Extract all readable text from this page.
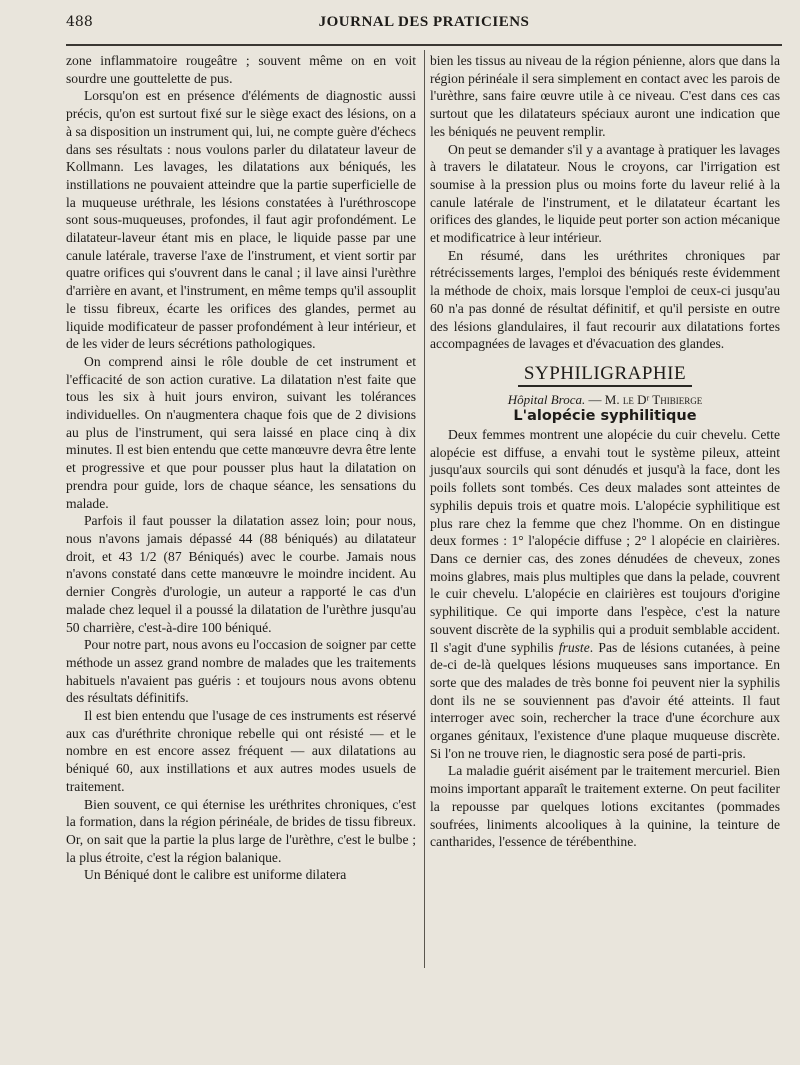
488	JOURNAL DES PRATICIENS

zone inflammatoire rougeâtre ; souvent même on en voit sourdre une gouttelette de pus.

Lorsqu'on est en présence d'éléments de diagnostic aussi précis, qu'on est surtout fixé sur le siège exact des lésions, on a à sa disposition un instrument qui, lui, ne compte guère d'échecs dans ses résultats : nous voulons parler du dilatateur laveur de Kollmann. Les lavages, les dilatations aux béniqués, les instillations ne pouvaient atteindre que la partie superficielle de la muqueuse uréthrale, les lésions constatées à l'uréthroscope sont sous-muqueuses, profondes, il faut agir profondément. Le dilatateur-laveur étant mis en place, le liquide passe par une canule latérale, traverse l'axe de l'instrument, et vient sortir par quatre orifices qui s'ouvrent dans le canal ; il lave ainsi l'urèthre d'arrière en avant, et l'instrument, en même temps qu'il assouplit le tissu fibreux, écarte les orifices des glandes, permet au liquide modificateur de passer profondément à leur intérieur, et de les vider de leurs sécrétions pathologiques.

On comprend ainsi le rôle double de cet instrument et l'efficacité de son action curative. La dilatation n'est faite que tous les six à huit jours environ, suivant les tolérances individuelles. On n'augmentera chaque fois que de 2 divisions au plus de l'instrument, qui sera laissé en place cinq à dix minutes. Il est bien entendu que cette manœuvre devra être lente et progressive et que pour pousser plus haut la dilatation on prendra pour guide, lors de chaque séance, les sensations du malade.

Parfois il faut pousser la dilatation assez loin; pour nous, nous n'avons jamais dépassé 44 (88 béniqués) au dilatateur droit, et 43 1/2 (87 Béniqués) avec le courbe. Jamais nous n'avons constaté dans cette manœuvre le moindre incident. Au dernier Congrès d'urologie, un auteur a rapporté le cas d'un malade chez lequel il a poussé la dilatation de l'urèthre jusqu'au 50 charrière, c'est-à-dire 100 béniqué.

Pour notre part, nous avons eu l'occasion de soigner par cette méthode un assez grand nombre de malades que les traitements habituels n'avaient pas guéris : et toujours nous avons obtenu des résultats définitifs.

Il est bien entendu que l'usage de ces instruments est réservé aux cas d'uréthrite chronique rebelle qui ont résisté — et le nombre en est encore assez fréquent — aux dilatations au béniqué 60, aux instillations et aux autres modes usuels de traitement.

Bien souvent, ce qui éternise les uréthrites chroniques, c'est la formation, dans la région périnéale, de brides de tissu fibreux. Or, on sait que la partie la plus large de l'urèthre, c'est le bulbe ; la plus étroite, c'est la région balanique.

Un Béniqué dont le calibre est uniforme dilatera

bien les tissus au niveau de la région pénienne, alors que dans la région périnéale il sera simplement en contact avec les parois de l'urèthre, sans faire œuvre utile à ce niveau. C'est dans ces cas surtout que les dilatateurs spéciaux auront une indication que les béniqués ne peuvent remplir.

On peut se demander s'il y a avantage à pratiquer les lavages à travers le dilatateur. Nous le croyons, car l'irrigation est soumise à la pression plus ou moins forte du laveur relié à la canule latérale de l'instrument, et le dilatateur écartant les orifices des glandes, le liquide peut porter son action mécanique et modificatrice à leur intérieur.

En résumé, dans les uréthrites chroniques par rétrécissements larges, l'emploi des béniqués reste évidemment la méthode de choix, mais lorsque l'emploi de ceux-ci jusqu'au 60 n'a pas donné de résultat définitif, et qu'il persiste en outre des lésions glandulaires, il faut recourir aux dilatations fortes accompagnées de lavages et d'évacuation des glandes.

SYPHILIGRAPHIE

Hôpital Broca. — M. le Dʳ Thibierge

L'alopécie syphilitique

Deux femmes montrent une alopécie du cuir chevelu. Cette alopécie est diffuse, a envahi tout le système pileux, atteint jusqu'aux sourcils qui sont dénudés et jusqu'à la face, dont les poils follets sont tombés. Ces deux malades sont atteintes de syphilis depuis trois et quatre mois. L'alopécie syphilitique est plus rare chez la femme que chez l'homme. On en distingue deux formes : 1° l'alopécie diffuse ; 2° l alopécie en clairières. Dans ce dernier cas, des zones dénudées de cheveux, zones moins glabres, mais plus multiples que dans la pelade, couvrent le cuir chevelu. L'alopécie en clairières est toujours d'origine syphilitique. Ce qui importe dans l'espèce, c'est la nature souvent discrète de la syphilis qui a produit semblable accident. Il s'agit d'une syphilis fruste. Pas de lésions cutanées, à peine de-ci de-là quelques lésions muqueuses sans importance. En sorte que des malades de très bonne foi peuvent nier la syphilis dont ils ne se souviennent pas d'avoir été atteints. Il faut interroger avec soin, rechercher la trace d'une écorchure aux organes génitaux, l'existence d'une plaque muqueuse discrète. Si l'on ne trouve rien, le diagnostic sera posé de parti-pris.

La maladie guérit aisément par le traitement mercuriel. Bien moins important apparaît le traitement externe. On peut faciliter la repousse par quelques lotions excitantes (pommades soufrées, liniments alcooliques à la quinine, la teinture de cantharides, l'essence de térébenthine.
